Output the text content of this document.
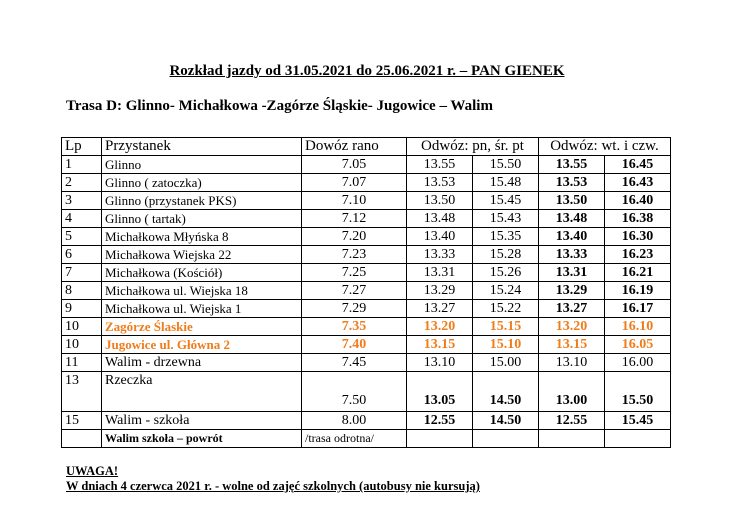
Rozkład jazdy od 31.05.2021 do 25.06.2021 r. – PAN GIENEK
Trasa D: Glinno- Michałkowa -Zagórze Śląskie- Jugowice – Walim
Lp	Przystanek	Dowóz rano	Odwóz: pn, śr. pt		Odwóz: wt. i czw.	
1	Glinno	7.05	13.55	15.50	13.55	16.45
2	Glinno ( zatoczka)	7.07	13.53	15.48	13.53	16.43
3	Glinno (przystanek PKS)	7.10	13.50	15.45	13.50	16.40
4	Glinno ( tartak)	7.12	13.48	15.43	13.48	16.38
5	Michałkowa Młyńska 8	7.20	13.40	15.35	13.40	16.30
6	Michałkowa Wiejska 22	7.23	13.33	15.28	13.33	16.23
7	Michałkowa (Kościół)	7.25	13.31	15.26	13.31	16.21
8	Michałkowa ul. Wiejska 18	7.27	13.29	15.24	13.29	16.19
9	Michałkowa ul. Wiejska 1	7.29	13.27	15.22	13.27	16.17
10	Zagórze Ślaskie	7.35	13.20	15.15	13.20	16.10
10	Jugowice ul. Główna 2	7.40	13.15	15.10	13.15	16.05
11	Walim - drzewna	7.45	13.10	15.00	13.10	16.00
13	Rzeczka	7.50	13.05	14.50	13.00	15.50
15	Walim - szkoła	8.00	12.55	14.50	12.55	15.45
	Walim szkoła – powrót	/trasa odrotna/				
UWAGA!
W dniach 4 czerwca 2021 r. - wolne od zajęć szkolnych (autobusy nie kursują)
